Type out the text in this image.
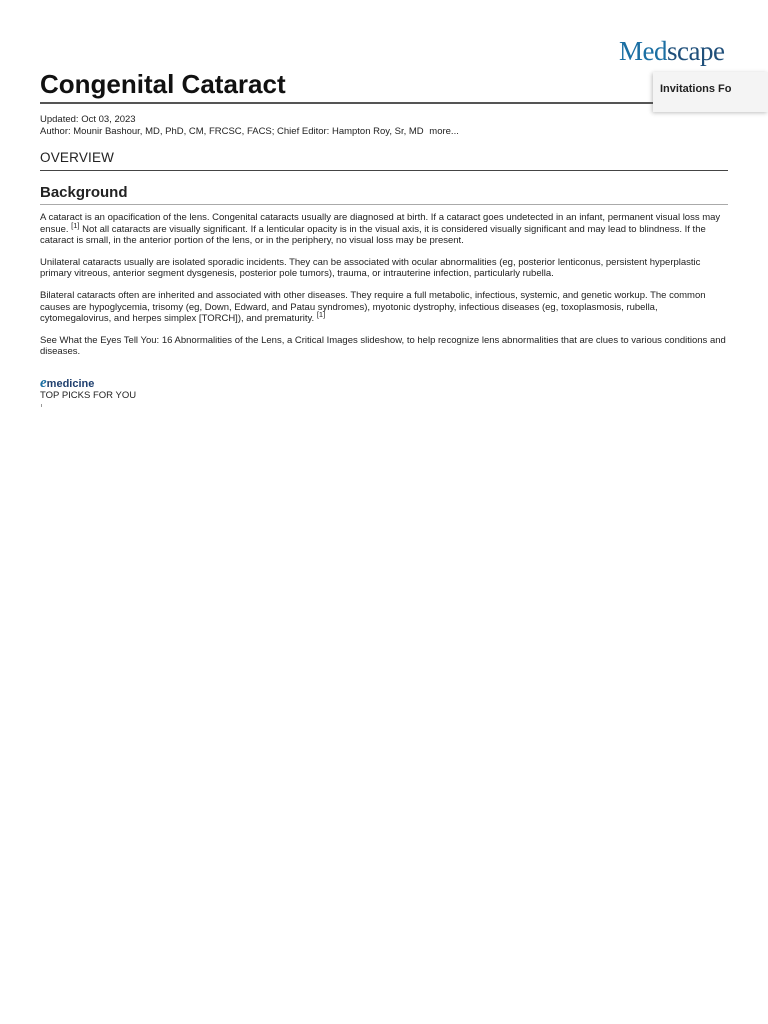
Medscape
Invitations Fo
Congenital Cataract
Updated: Oct 03, 2023
Author: Mounir Bashour, MD, PhD, CM, FRCSC, FACS; Chief Editor: Hampton Roy, Sr, MD more...
OVERVIEW
Background

A cataract is an opacification of the lens. Congenital cataracts usually are diagnosed at birth. If a cataract goes undetected in an infant, permanent visual loss may ensue. [1] Not all cataracts are visually significant. If a lenticular opacity is in the visual axis, it is considered visually significant and may lead to blindness. If the cataract is small, in the anterior portion of the lens, or in the periphery, no visual loss may be present.

Unilateral cataracts usually are isolated sporadic incidents. They can be associated with ocular abnormalities (eg, posterior lenticonus, persistent hyperplastic primary vitreous, anterior segment dysgenesis, posterior pole tumors), trauma, or intrauterine infection, particularly rubella.

Bilateral cataracts often are inherited and associated with other diseases. They require a full metabolic, infectious, systemic, and genetic workup. The common causes are hypoglycemia, trisomy (eg, Down, Edward, and Patau syndromes), myotonic dystrophy, infectious diseases (eg, toxoplasmosis, rubella, cytomegalovirus, and herpes simplex [TORCH]), and prematurity. [1]

See What the Eyes Tell You: 16 Abnormalities of the Lens, a Critical Images slideshow, to help recognize lens abnormalities that are clues to various conditions and diseases.

emedicine
TOP PICKS FOR YOU
